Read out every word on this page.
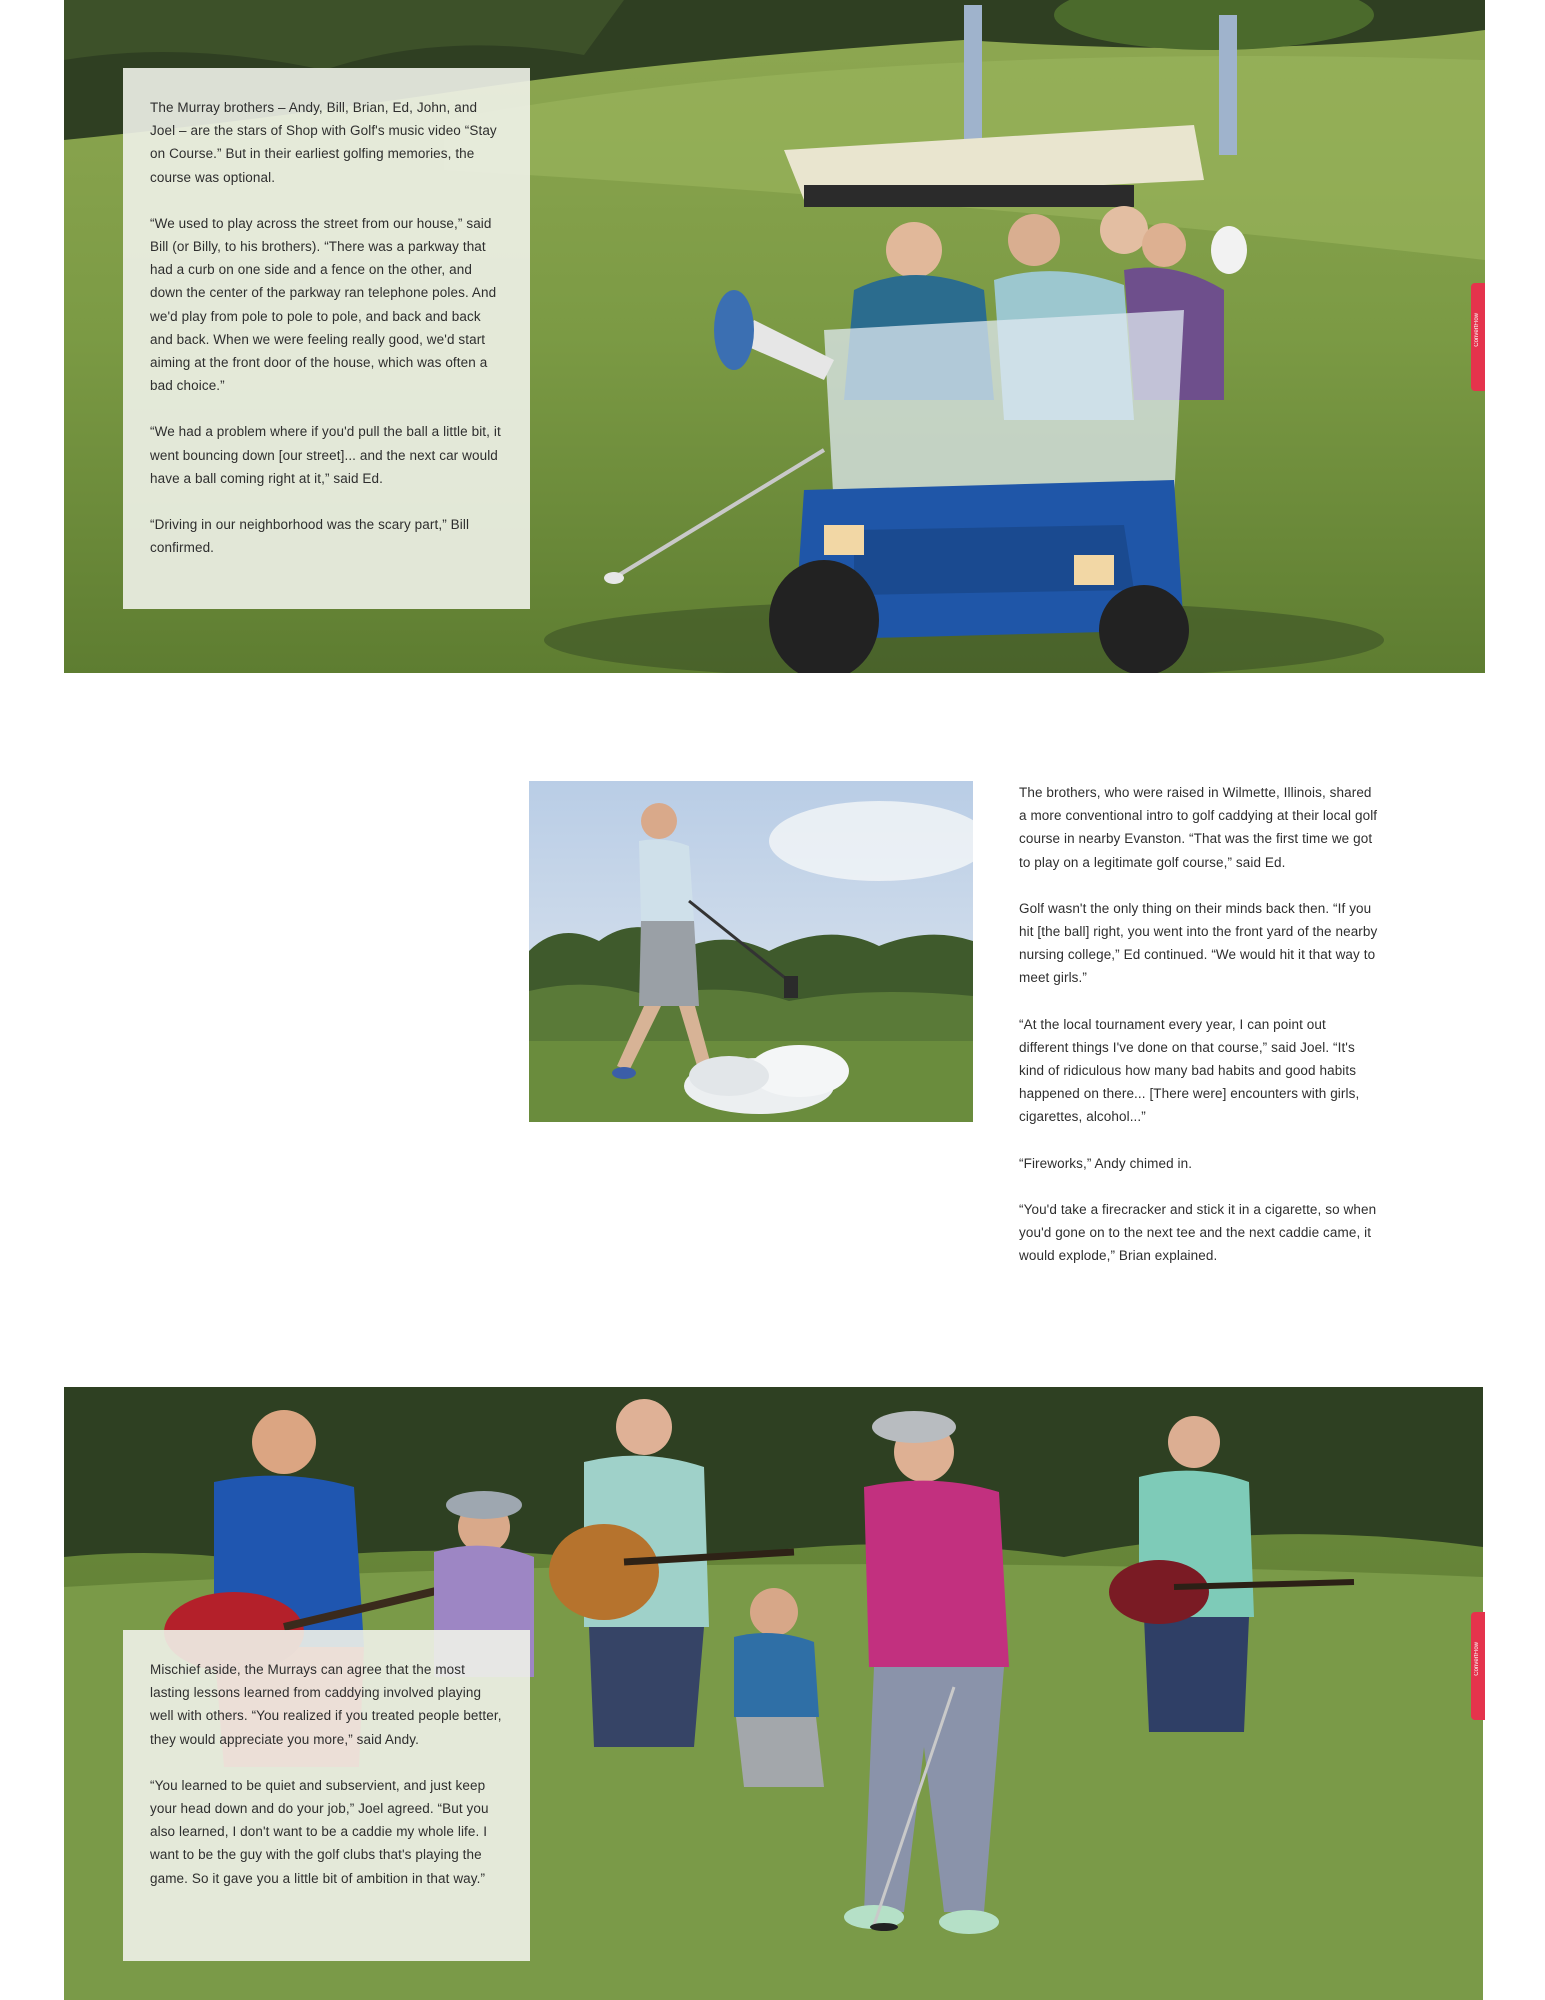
The Murray brothers – Andy, Bill, Brian, Ed, John, and Joel – are the stars of Shop with Golf's music video “Stay on Course.” But in their earliest golfing memories, the course was optional.

“We used to play across the street from our house,” said Bill (or Billy, to his brothers). “There was a parkway that had a curb on one side and a fence on the other, and down the center of the parkway ran telephone poles. And we'd play from pole to pole to pole, and back and back and back. When we were feeling really good, we'd start aiming at the front door of the house, which was often a bad choice.”

“We had a problem where if you'd pull the ball a little bit, it went bouncing down [our street]... and the next car would have a ball coming right at it,” said Ed.

“Driving in our neighborhood was the scary part,” Bill confirmed.

ConvertFlow

The brothers, who were raised in Wilmette, Illinois, shared a more conventional intro to golf caddying at their local golf course in nearby Evanston. “That was the first time we got to play on a legitimate golf course,” said Ed.

Golf wasn't the only thing on their minds back then. “If you hit [the ball] right, you went into the front yard of the nearby nursing college,” Ed continued. “We would hit it that way to meet girls.”

“At the local tournament every year, I can point out different things I've done on that course,” said Joel. “It's kind of ridiculous how many bad habits and good habits happened on there... [There were] encounters with girls, cigarettes, alcohol...”

“Fireworks,” Andy chimed in.

“You'd take a firecracker and stick it in a cigarette, so when you'd gone on to the next tee and the next caddie came, it would explode,” Brian explained.

Mischief aside, the Murrays can agree that the most lasting lessons learned from caddying involved playing well with others. “You realized if you treated people better, they would appreciate you more,” said Andy.

“You learned to be quiet and subservient, and just keep your head down and do your job,” Joel agreed. “But you also learned, I don't want to be a caddie my whole life. I want to be the guy with the golf clubs that's playing the game. So it gave you a little bit of ambition in that way.”

ConvertFlow
